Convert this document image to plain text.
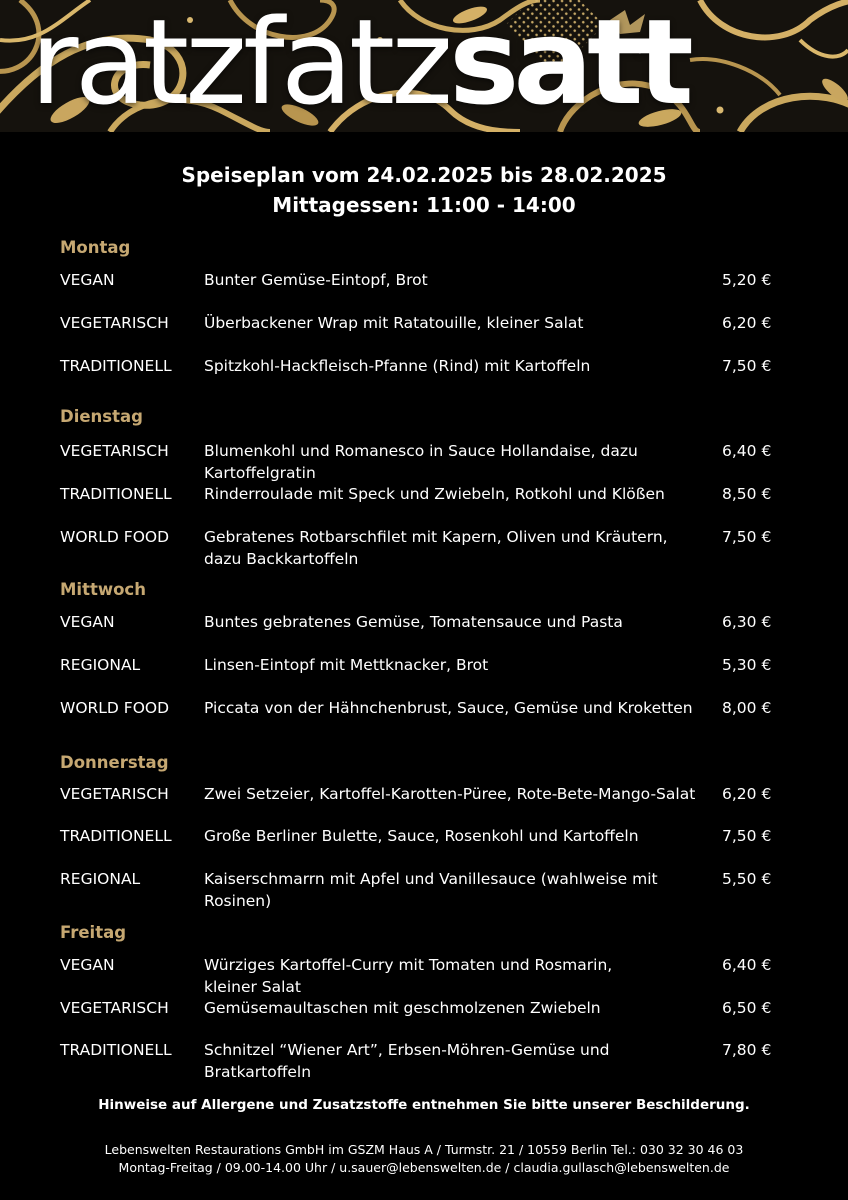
ratzfatzsatt
Speiseplan vom 24.02.2025 bis 28.02.2025
Mittagessen: 11:00 - 14:00
Montag
VEGAN	Bunter Gemüse-Eintopf, Brot	5,20 €
VEGETARISCH Überbackener Wrap mit Ratatouille, kleiner Salat	6,20 €
TRADITIONELL Spitzkohl-Hackfleisch-Pfanne (Rind) mit Kartoffeln	7,50 €
Dienstag
VEGETARISCH Blumenkohl und Romanesco in Sauce Hollandaise, dazu Kartoffelgratin
6,40 €
TRADITIONELL Rinderroulade mit Speck und Zwiebeln, Rotkohl und Klößen	8,50 €
WORLD FOOD Gebratenes Rotbarschfilet mit Kapern, Oliven und Kräutern, dazu Backkartoffeln
7,50 €
Mittwoch
VEGAN	Buntes gebratenes Gemüse, Tomatensauce und Pasta	6,30 €
REGIONAL	Linsen-Eintopf mit Mettknacker, Brot	5,30 €
WORLD FOOD Piccata von der Hähnchenbrust, Sauce, Gemüse und Kroketten	8,00 €
Donnerstag
VEGETARISCH Zwei Setzeier, Kartoffel-Karotten-Püree, Rote-Bete-Mango-Salat	6,20 €
TRADITIONELL Große Berliner Bulette, Sauce, Rosenkohl und Kartoffeln	7,50 €
REGIONAL	Kaiserschmarrn mit Apfel und Vanillesauce (wahlweise mit Rosinen)
5,50 €
Freitag
VEGAN	Würziges Kartoffel-Curry mit Tomaten und Rosmarin, kleiner Salat
6,40 €
VEGETARISCH Gemüsemaultaschen mit geschmolzenen Zwiebeln	6,50 €
TRADITIONELL Schnitzel “Wiener Art”, Erbsen-Möhren-Gemüse und Bratkartoffeln
7,80 €
Hinweise auf Allergene und Zusatzstoffe entnehmen Sie bitte unserer Beschilderung.
Lebenswelten Restaurations GmbH im GSZM Haus A / Turmstr. 21 / 10559 Berlin Tel.: 030 32 30 46 03
Montag-Freitag / 09.00-14.00 Uhr / u.sauer@lebenswelten.de / claudia.gullasch@lebenswelten.de
